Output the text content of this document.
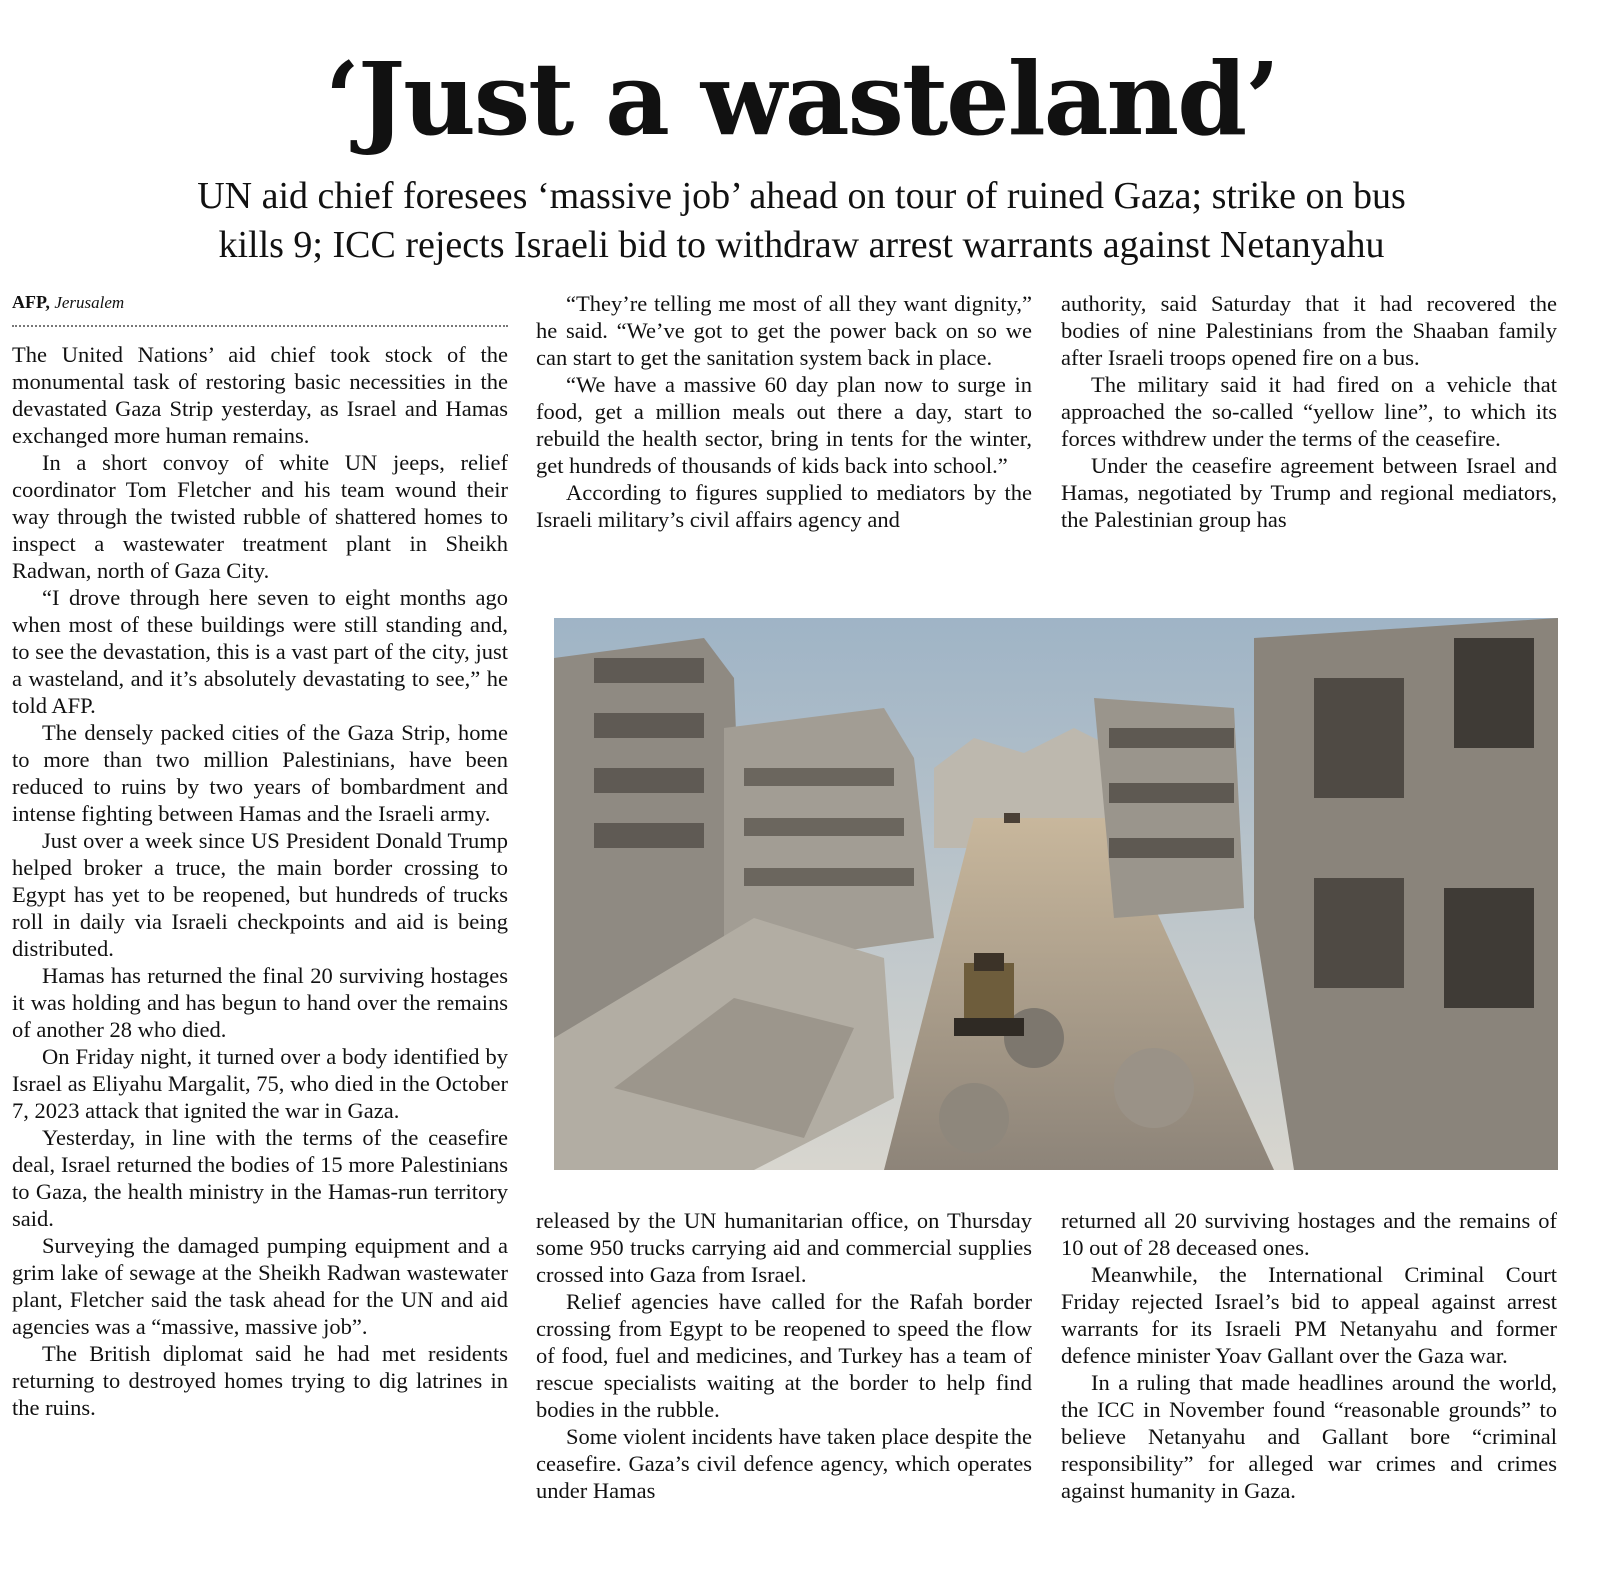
‘Just a wasteland’
UN aid chief foresees ‘massive job’ ahead on tour of ruined Gaza; strike on bus
kills 9; ICC rejects Israeli bid to withdraw arrest warrants against Netanyahu
AFP, Jerusalem

The United Nations’ aid chief took stock of the monumental task of restoring basic necessities in the devastated Gaza Strip yesterday, as Israel and Hamas exchanged more human remains.

In a short convoy of white UN jeeps, relief coordinator Tom Fletcher and his team wound their way through the twisted rubble of shattered homes to inspect a wastewater treatment plant in Sheikh Radwan, north of Gaza City.

“I drove through here seven to eight months ago when most of these buildings were still standing and, to see the devastation, this is a vast part of the city, just a wasteland, and it’s absolutely devastating to see,” he told AFP.

The densely packed cities of the Gaza Strip, home to more than two million Palestinians, have been reduced to ruins by two years of bombardment and intense fighting between Hamas and the Israeli army.

Just over a week since US President Donald Trump helped broker a truce, the main border crossing to Egypt has yet to be reopened, but hundreds of trucks roll in daily via Israeli checkpoints and aid is being distributed.

Hamas has returned the final 20 surviving hostages it was holding and has begun to hand over the remains of another 28 who died.

On Friday night, it turned over a body identified by Israel as Eliyahu Margalit, 75, who died in the October 7, 2023 attack that ignited the war in Gaza.

Yesterday, in line with the terms of the ceasefire deal, Israel returned the bodies of 15 more Palestinians to Gaza, the health ministry in the Hamas-run territory said.

Surveying the damaged pumping equipment and a grim lake of sewage at the Sheikh Radwan wastewater plant, Fletcher said the task ahead for the UN and aid agencies was a “massive, massive job”.

The British diplomat said he had met residents returning to destroyed homes trying to dig latrines in the ruins.

“They’re telling me most of all they want dignity,” he said. “We’ve got to get the power back on so we can start to get the sanitation system back in place.

“We have a massive 60 day plan now to surge in food, get a million meals out there a day, start to rebuild the health sector, bring in tents for the winter, get hundreds of thousands of kids back into school.”

According to figures supplied to mediators by the Israeli military’s civil affairs agency and

authority, said Saturday that it had recovered the bodies of nine Palestinians from the Shaaban family after Israeli troops opened fire on a bus.

The military said it had fired on a vehicle that approached the so-called “yellow line”, to which its forces withdrew under the terms of the ceasefire.

Under the ceasefire agreement between Israel and Hamas, negotiated by Trump and regional mediators, the Palestinian group has

released by the UN humanitarian office, on Thursday some 950 trucks carrying aid and commercial supplies crossed into Gaza from Israel.

Relief agencies have called for the Rafah border crossing from Egypt to be reopened to speed the flow of food, fuel and medicines, and Turkey has a team of rescue specialists waiting at the border to help find bodies in the rubble.

Some violent incidents have taken place despite the ceasefire. Gaza’s civil defence agency, which operates under Hamas

returned all 20 surviving hostages and the remains of 10 out of 28 deceased ones.

Meanwhile, the International Criminal Court Friday rejected Israel’s bid to appeal against arrest warrants for its Israeli PM Netanyahu and former defence minister Yoav Gallant over the Gaza war.

In a ruling that made headlines around the world, the ICC in November found “reasonable grounds” to believe Netanyahu and Gallant bore “criminal responsibility” for alleged war crimes and crimes against humanity in Gaza.
